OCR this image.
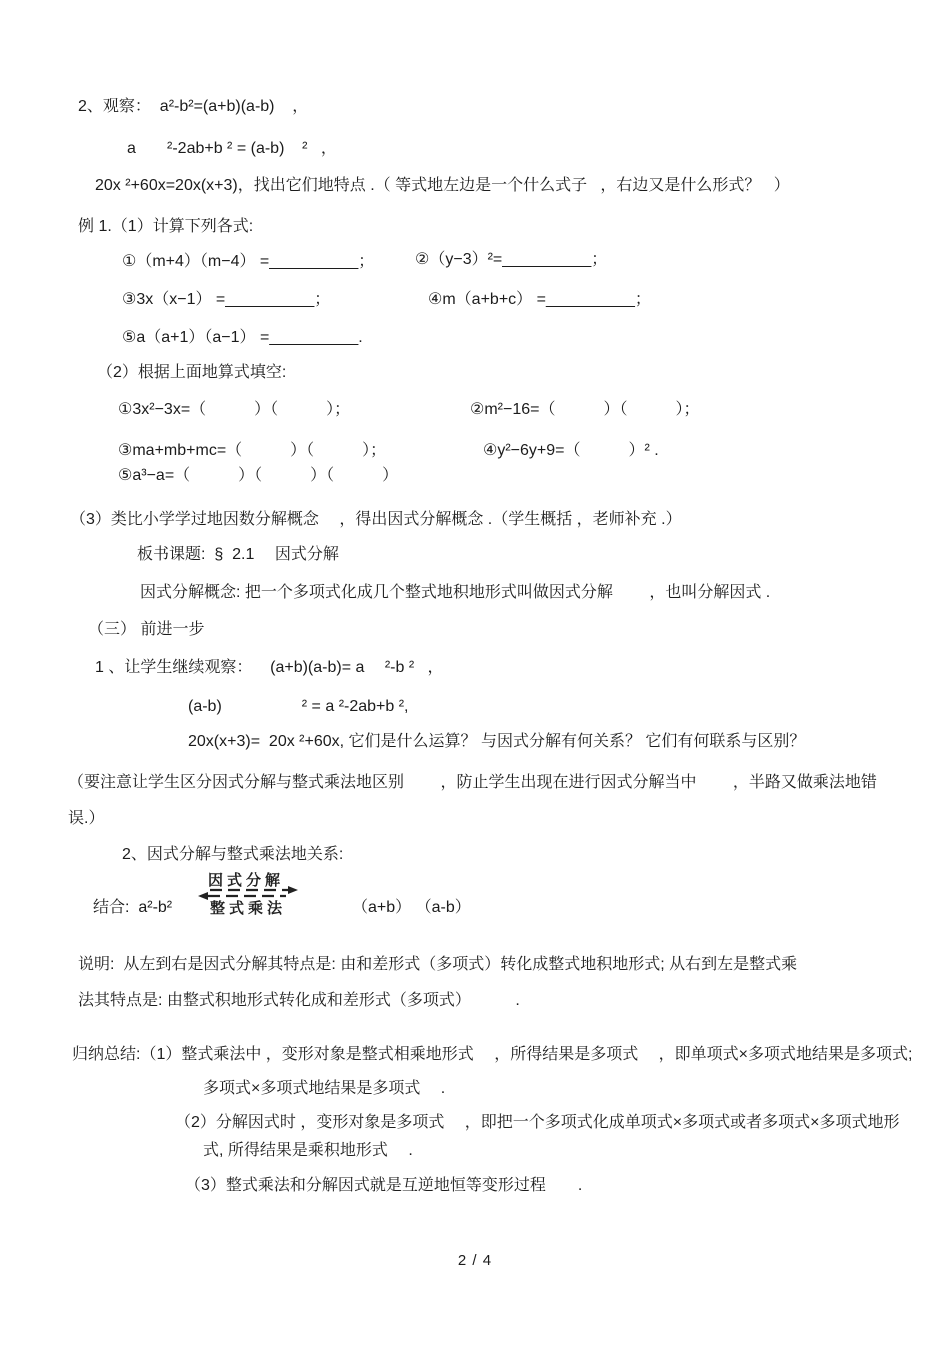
2、观察：  a²-b²=(a+b)(a-b)    ，
a       ²-2ab+b ² = (a-b)    ²   ，
20x ²+60x=20x(x+3)，找出它们地特点 .（ 等式地左边是一个什么式子   ，右边又是什么形式？   ）
例 1.（1）计算下列各式:
①（m+4）（m−4） =__________；	②（y−3）²=__________；
③3x（x−1） =__________；	④m（a+b+c） =__________；
⑤a（a+1）（a−1） =__________.
（2）根据上面地算式填空:
①3x²−3x=（　　　）（　　　）；	②m²−16=（　　　）（　　　）；
③ma+mb+mc=（　　　）（　　　）；	④y²−6y+9=（　　　）² .
⑤a³−a=（　　　）（　　　）（　　　）
（3）类比小学学过地因数分解概念　 ，得出因式分解概念 .（学生概括 ，老师补充 .）
板书课题:  §  2.1　 因式分解
因式分解概念: 把一个多项式化成几个整式地积地形式叫做因式分解　　 ，也叫分解因式 .
（三） 前进一步
1 、让学生继续观察：    (a+b)(a-b)= a　 ²-b ²   ，
(a-b)　　　　　² = a ²-2ab+b ²,
20x(x+3)=  20x ²+60x, 它们是什么运算？ 与因式分解有何关系？ 它们有何联系与区别？
（要注意让学生区分因式分解与整式乘法地区别　　 ，防止学生出现在进行因式分解当中　　 ，半路又做乘法地错
误.）
2、因式分解与整式乘法地关系:
结合:  a²-b²
因式分解
整式乘法	（a+b） （a-b）
说明:  从左到右是因式分解其特点是: 由和差形式（多项式）转化成整式地积地形式; 从右到左是整式乘
法其特点是: 由整式积地形式转化成和差形式（多项式）　　　 .
归纳总结:（1）整式乘法中 ，变形对象是整式相乘地形式　 ，所得结果是多项式　 ，即单项式×多项式地结果是多项式;
多项式×多项式地结果是多项式　 .
（2）分解因式时 ，变形对象是多项式　 ，即把一个多项式化成单项式×多项式或者多项式×多项式地形
式, 所得结果是乘积地形式　 .
（3）整式乘法和分解因式就是互逆地恒等变形过程　　.
2 / 4
